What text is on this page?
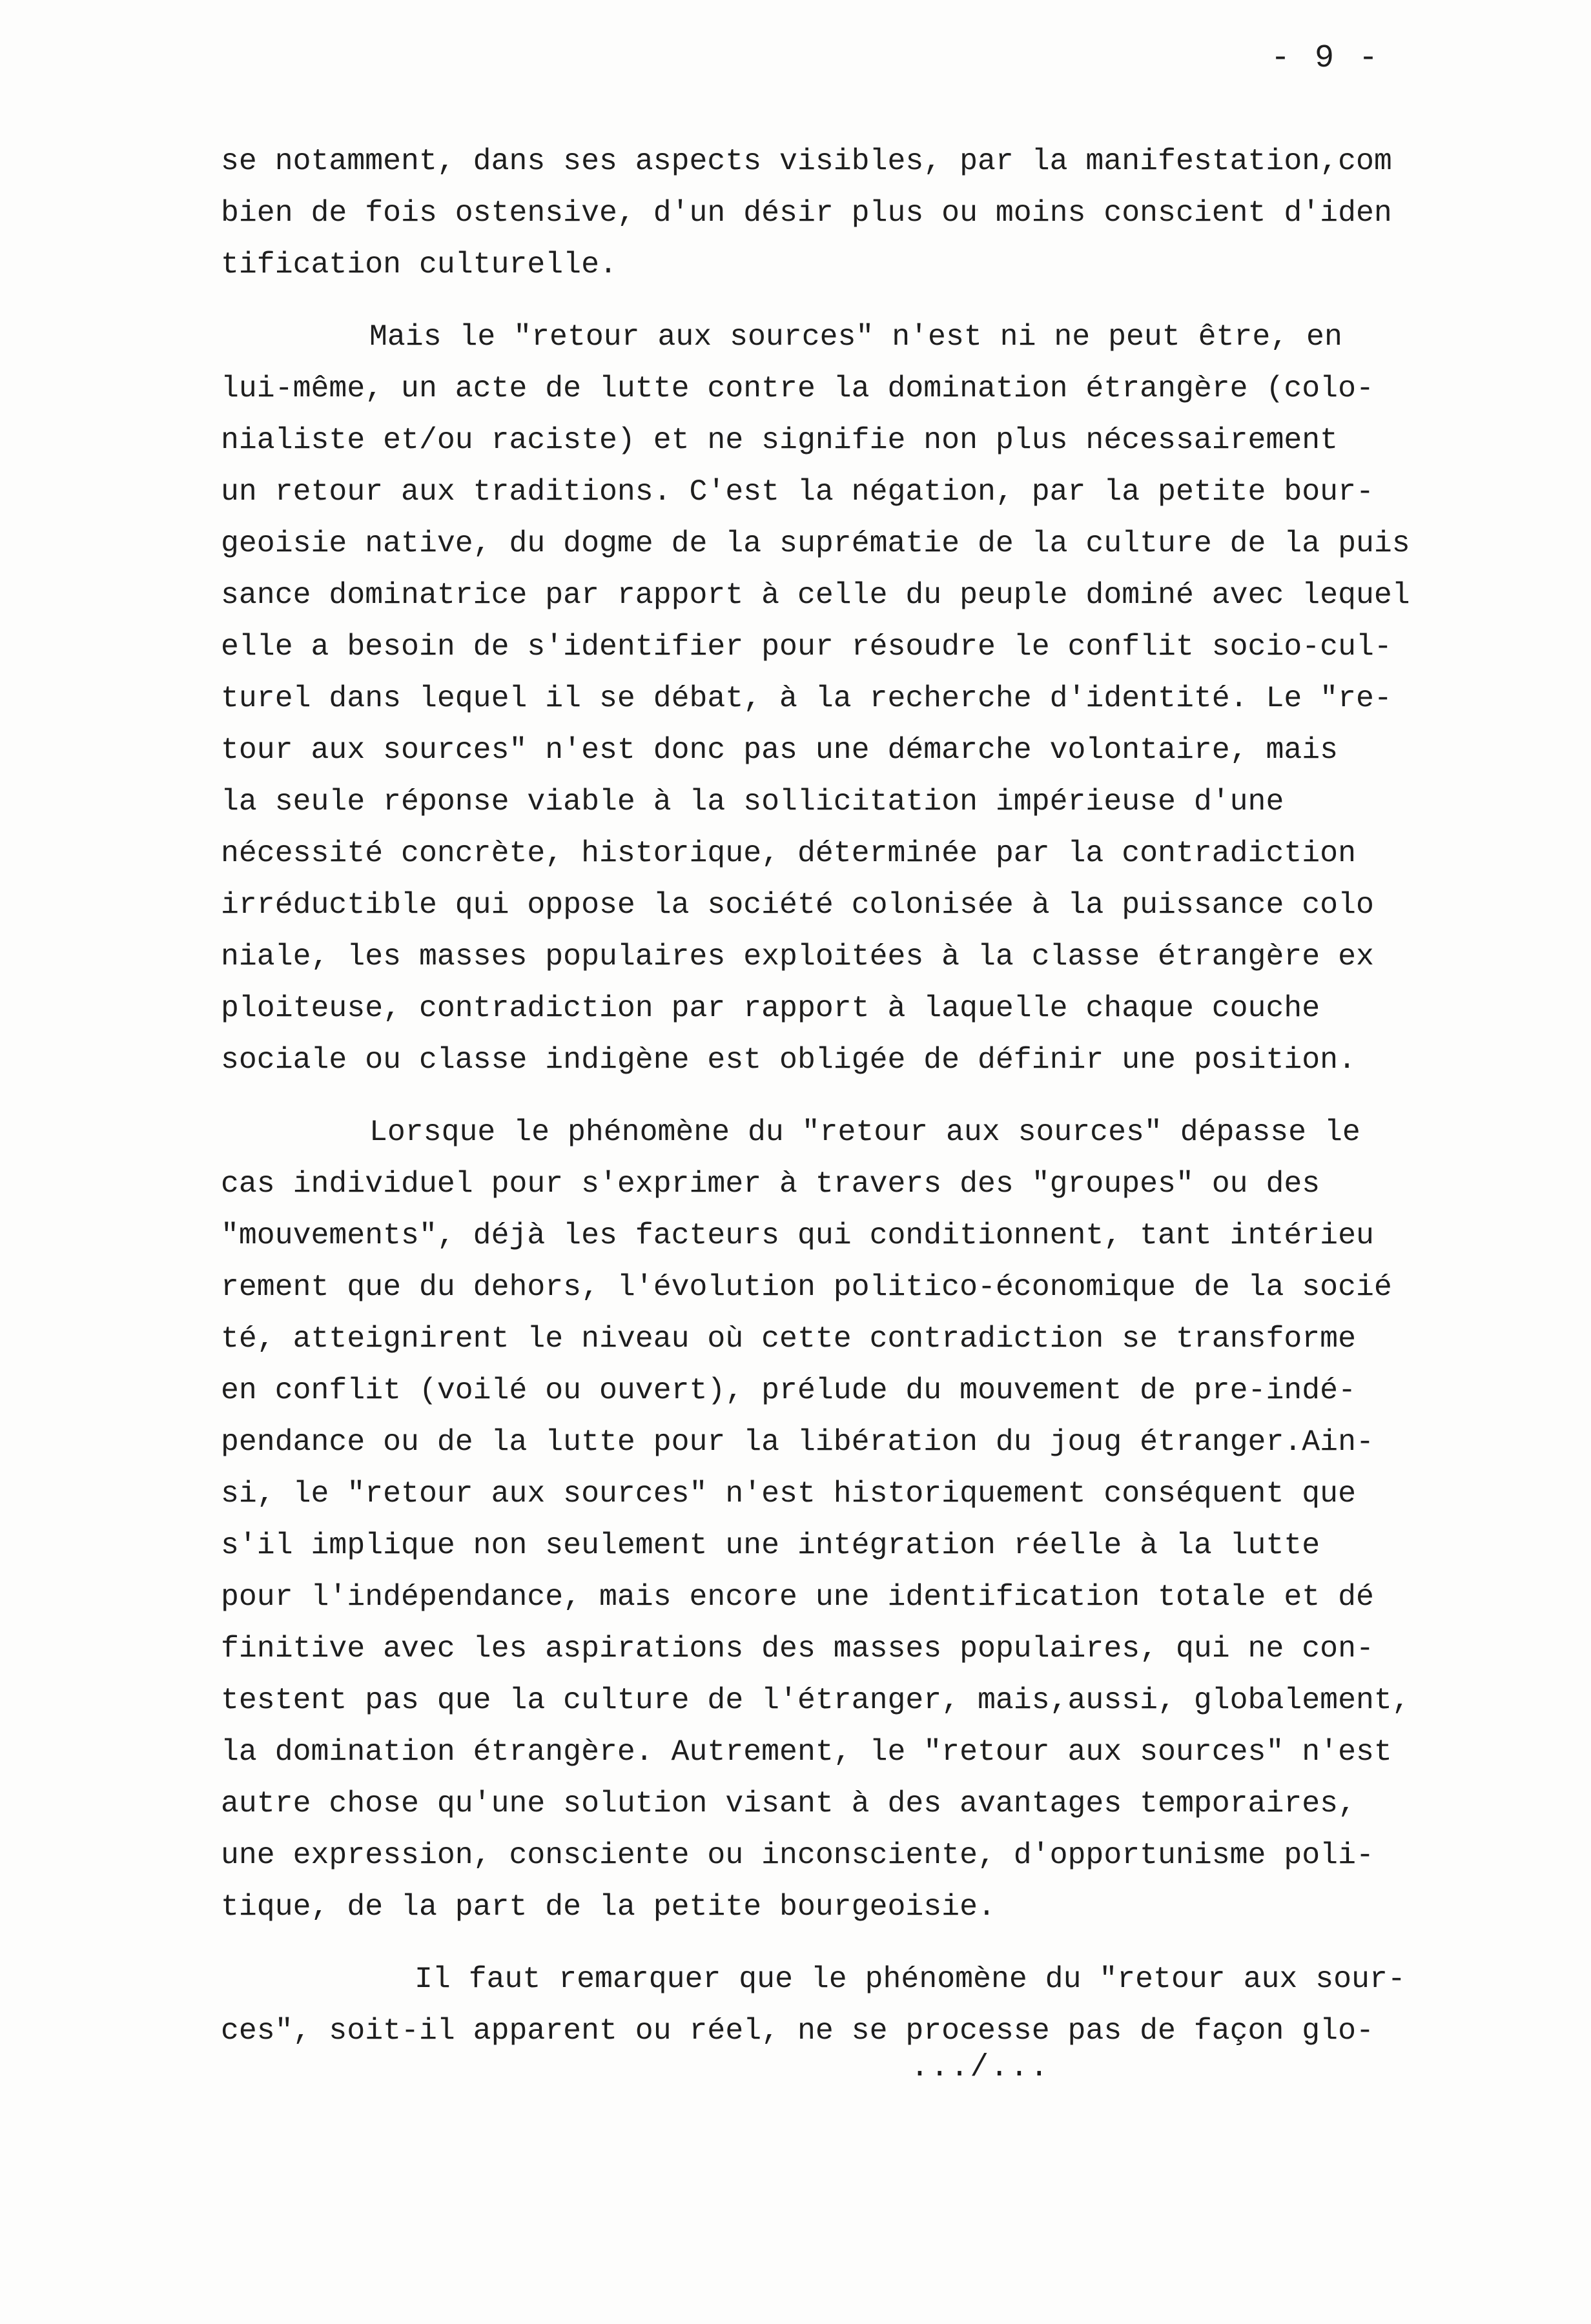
- 9 -
se notamment, dans ses aspects visibles, par la manifestation,com
bien de fois ostensive, d'un désir plus ou moins conscient d'iden
tification culturelle.
Mais le "retour aux sources" n'est ni ne peut être, en
lui-même, un acte de lutte contre la domination étrangère (colo-
nialiste et/ou raciste) et ne signifie non plus nécessairement
un retour aux traditions. C'est la négation, par la petite bour-
geoisie native, du dogme de la suprématie de la culture de la puis
sance dominatrice par rapport à celle du peuple dominé avec lequel
elle a besoin de s'identifier pour résoudre le conflit socio-cul-
turel dans lequel il se débat, à la recherche d'identité. Le "re-
tour aux sources" n'est donc pas une démarche volontaire, mais
la seule réponse viable à la sollicitation impérieuse d'une
nécessité concrète, historique, déterminée par la contradiction
irréductible qui oppose la société colonisée à la puissance colo
niale, les masses populaires exploitées à la classe étrangère ex
ploiteuse, contradiction par rapport à laquelle chaque couche
sociale ou classe indigène est obligée de définir une position.
Lorsque le phénomène du "retour aux sources" dépasse le
cas individuel pour s'exprimer à travers des "groupes" ou des
"mouvements", déjà les facteurs qui conditionnent, tant intérieu
rement que du dehors, l'évolution politico-économique de la socié
té, atteignirent le niveau où cette contradiction se transforme
en conflit (voilé ou ouvert), prélude du mouvement de pre-indé-
pendance ou de la lutte pour la libération du joug étranger.Ain-
si, le "retour aux sources" n'est historiquement conséquent que
s'il implique non seulement une intégration réelle à la lutte
pour l'indépendance, mais encore une identification totale et dé
finitive avec les aspirations des masses populaires, qui ne con-
testent pas que la culture de l'étranger, mais,aussi, globalement,
la domination étrangère. Autrement, le "retour aux sources" n'est
autre chose qu'une solution visant à des avantages temporaires,
une expression, consciente ou inconsciente, d'opportunisme poli-
tique, de la part de la petite bourgeoisie.
Il faut remarquer que le phénomène du "retour aux sour-
ces", soit-il apparent ou réel, ne se processe pas de façon glo-
.../...
